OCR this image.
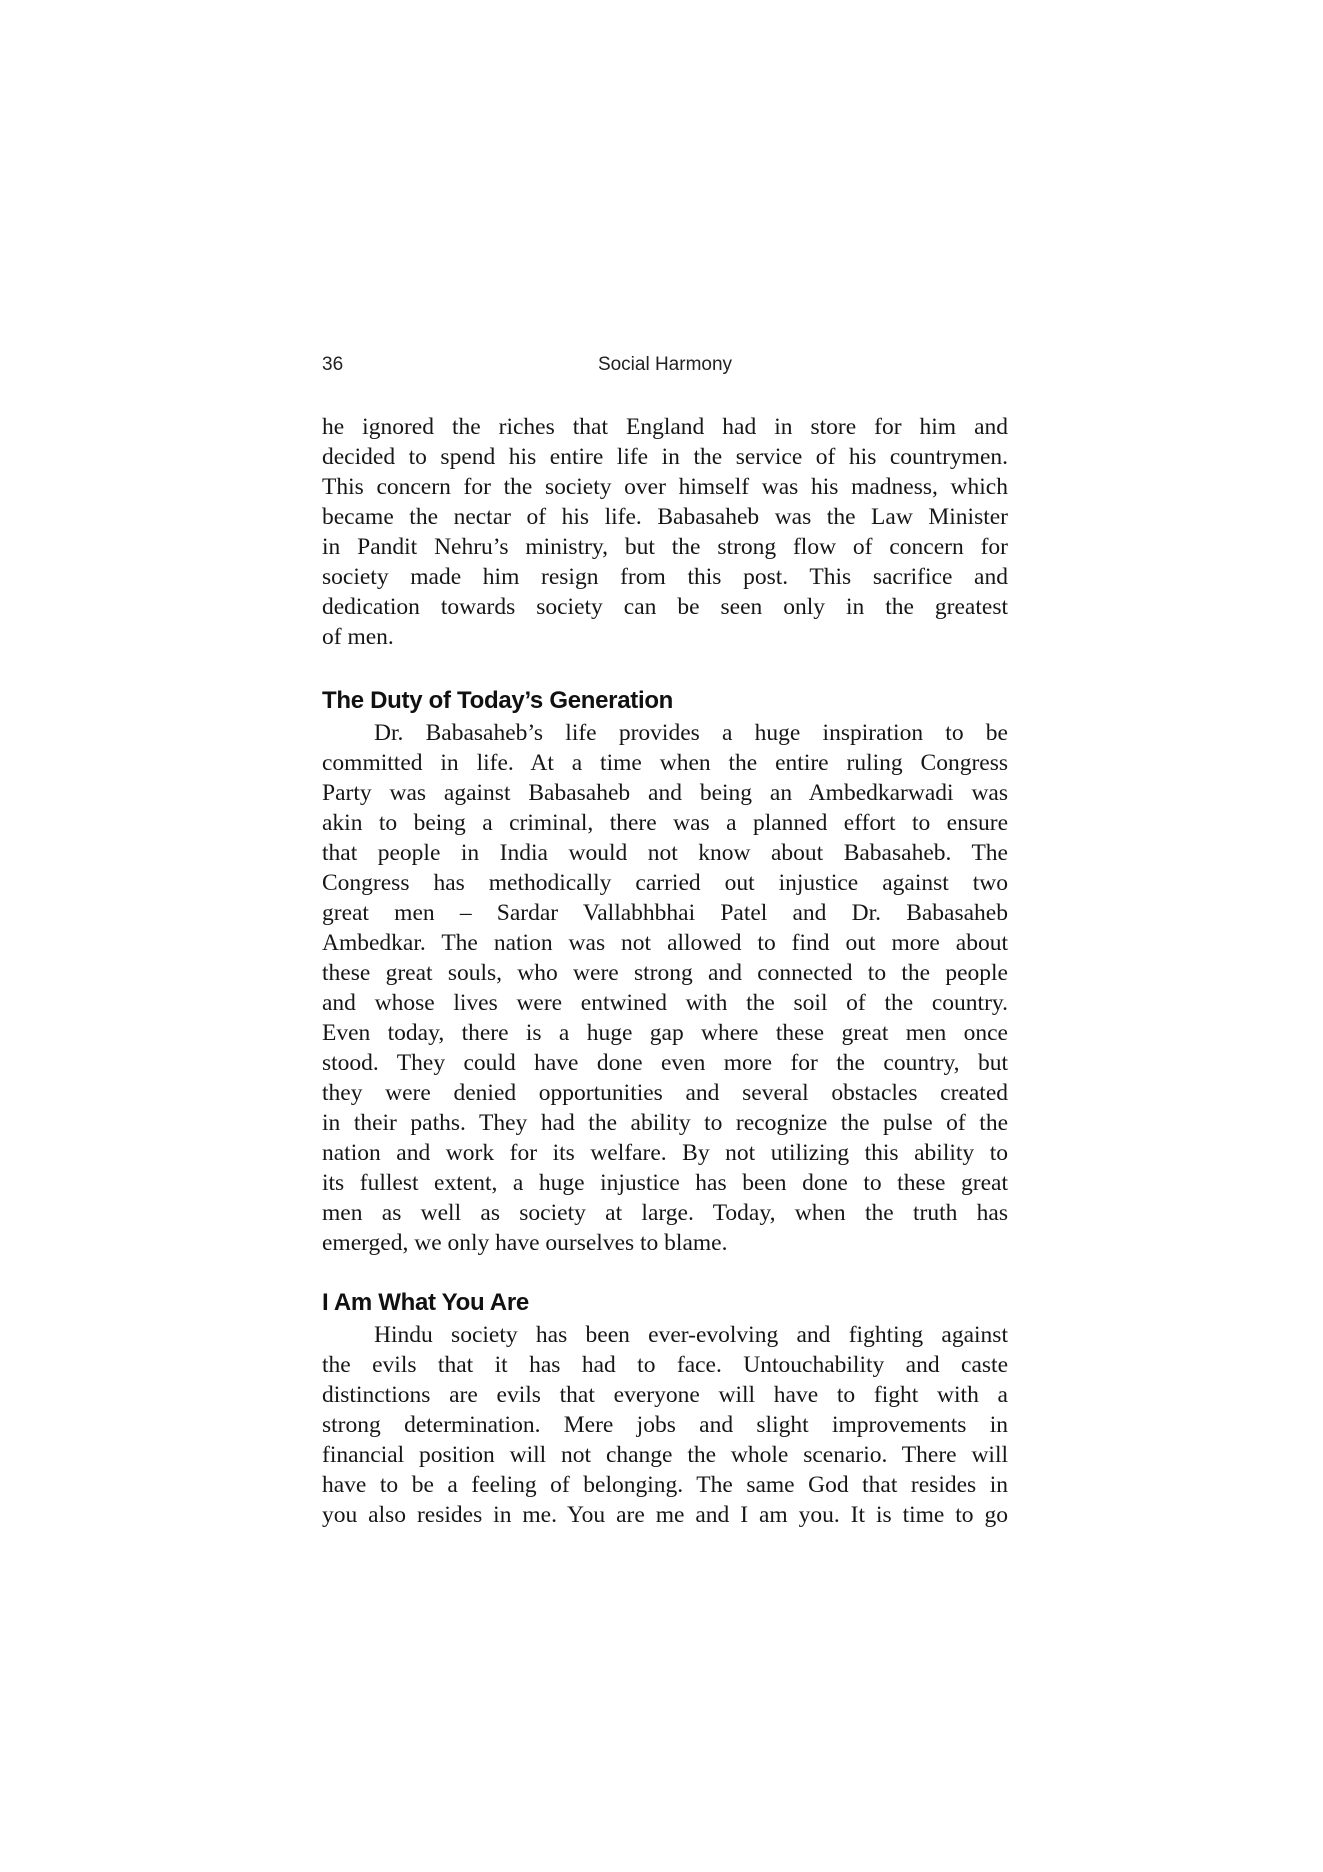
36	Social Harmony
he ignored the riches that England had in store for him and
decided to spend his entire life in the service of his countrymen.
This concern for the society over himself was his madness, which
became the nectar of his life. Babasaheb was the Law Minister
in Pandit Nehru’s ministry, but the strong flow of concern for
society made him resign from this post. This sacrifice and
dedication towards society can be seen only in the greatest
of men.
The Duty of Today’s Generation
Dr. Babasaheb’s life provides a huge inspiration to be
committed in life. At a time when the entire ruling Congress
Party was against Babasaheb and being an Ambedkarwadi was
akin to being a criminal, there was a planned effort to ensure
that people in India would not know about Babasaheb. The
Congress has methodically carried out injustice against two
great men – Sardar Vallabhbhai Patel and Dr. Babasaheb
Ambedkar. The nation was not allowed to find out more about
these great souls, who were strong and connected to the people
and whose lives were entwined with the soil of the country.
Even today, there is a huge gap where these great men once
stood. They could have done even more for the country, but
they were denied opportunities and several obstacles created
in their paths. They had the ability to recognize the pulse of the
nation and work for its welfare. By not utilizing this ability to
its fullest extent, a huge injustice has been done to these great
men as well as society at large. Today, when the truth has
emerged, we only have ourselves to blame.
I Am What You Are
Hindu society has been ever-evolving and fighting against
the evils that it has had to face. Untouchability and caste
distinctions are evils that everyone will have to fight with a
strong determination. Mere jobs and slight improvements in
financial position will not change the whole scenario. There will
have to be a feeling of belonging. The same God that resides in
you also resides in me. You are me and I am you. It is time to go
